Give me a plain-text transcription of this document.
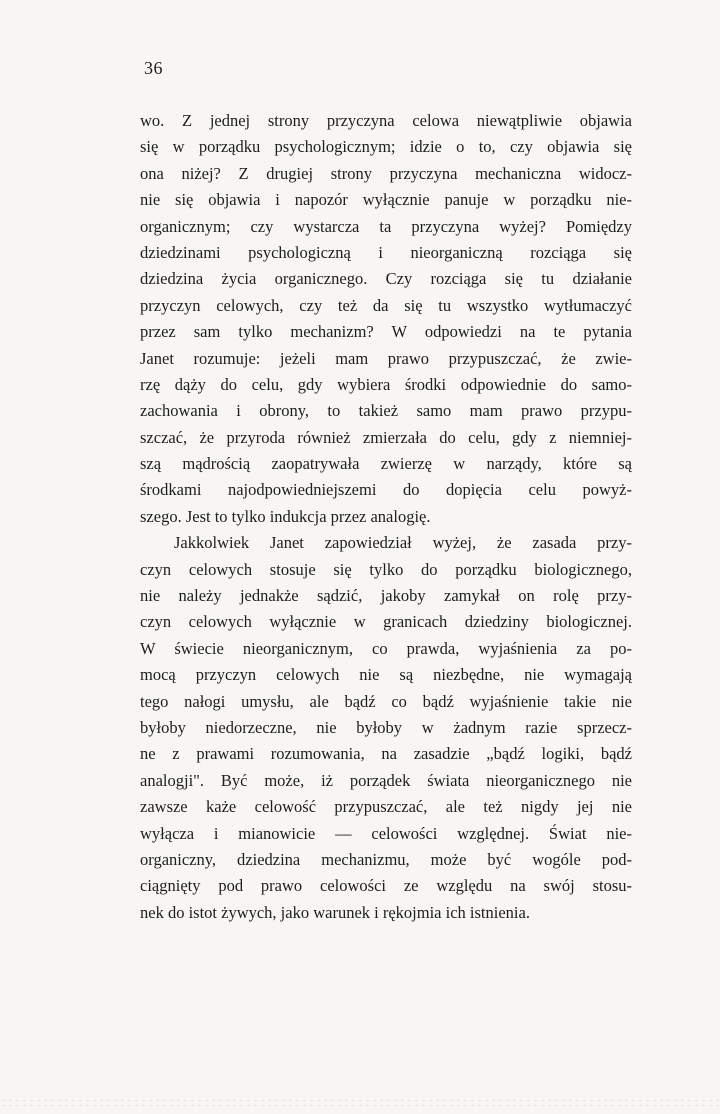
36
wo. Z jednej strony przyczyna celowa niewątpliwie objawia
się w porządku psychologicznym; idzie o to, czy objawia się
ona niżej? Z drugiej strony przyczyna mechaniczna widocz-
nie się objawia i napozór wyłącznie panuje w porządku nie-
organicznym; czy wystarcza ta przyczyna wyżej? Pomiędzy
dziedzinami psychologiczną i nieorganiczną rozciąga się
dziedzina życia organicznego. Czy rozciąga się tu działanie
przyczyn celowych, czy też da się tu wszystko wytłumaczyć
przez sam tylko mechanizm? W odpowiedzi na te pytania
Janet rozumuje: jeżeli mam prawo przypuszczać, że zwie-
rzę dąży do celu, gdy wybiera środki odpowiednie do samo-
zachowania i obrony, to takież samo mam prawo przypu-
szczać, że przyroda również zmierzała do celu, gdy z niemniej-
szą mądrością zaopatrywała zwierzę w narządy, które są
środkami najodpowiedniejszemi do dopięcia celu powyż-
szego. Jest to tylko indukcja przez analogię.
Jakkolwiek Janet zapowiedział wyżej, że zasada przy-
czyn celowych stosuje się tylko do porządku biologicznego,
nie należy jednakże sądzić, jakoby zamykał on rolę przy-
czyn celowych wyłącznie w granicach dziedziny biologicznej.
W świecie nieorganicznym, co prawda, wyjaśnienia za po-
mocą przyczyn celowych nie są niezbędne, nie wymagają
tego nałogi umysłu, ale bądź co bądź wyjaśnienie takie nie
byłoby niedorzeczne, nie byłoby w żadnym razie sprzecz-
ne z prawami rozumowania, na zasadzie „bądź logiki, bądź
analogji". Być może, iż porządek świata nieorganicznego nie
zawsze każe celowość przypuszczać, ale też nigdy jej nie
wyłącza i mianowicie — celowości względnej. Świat nie-
organiczny, dziedzina mechanizmu, może być wogóle pod-
ciągnięty pod prawo celowości ze względu na swój stosu-
nek do istot żywych, jako warunek i rękojmia ich istnienia.
